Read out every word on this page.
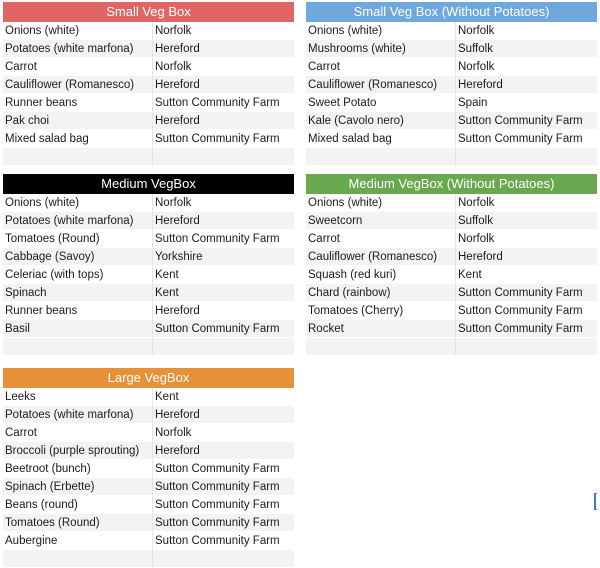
Small Veg Box
Onions (white)	Norfolk
Potatoes (white marfona)	Hereford
Carrot	Norfolk
Cauliflower (Romanesco)	Hereford
Runner beans	Sutton Community Farm
Pak choi	Hereford
Mixed salad bag	Sutton Community Farm
Small Veg Box (Without Potatoes)
Onions (white)	Norfolk
Mushrooms (white)	Suffolk
Carrot	Norfolk
Cauliflower (Romanesco)	Hereford
Sweet Potato	Spain
Kale (Cavolo nero)	Sutton Community Farm
Mixed salad bag	Sutton Community Farm
Medium VegBox
Onions (white)	Norfolk
Potatoes (white marfona)	Hereford
Tomatoes (Round)	Sutton Community Farm
Cabbage (Savoy)	Yorkshire
Celeriac (with tops)	Kent
Spinach	Kent
Runner beans	Hereford
Basil	Sutton Community Farm
Medium VegBox (Without Potatoes)
Onions (white)	Norfolk
Sweetcorn	Suffolk
Carrot	Norfolk
Cauliflower (Romanesco)	Hereford
Squash (red kuri)	Kent
Chard (rainbow)	Sutton Community Farm
Tomatoes (Cherry)	Sutton Community Farm
Rocket	Sutton Community Farm
Large VegBox
Leeks	Kent
Potatoes (white marfona)	Hereford
Carrot	Norfolk
Broccoli (purple sprouting)	Hereford
Beetroot (bunch)	Sutton Community Farm
Spinach (Erbette)	Sutton Community Farm
Beans (round)	Sutton Community Farm
Tomatoes (Round)	Sutton Community Farm
Aubergine	Sutton Community Farm
